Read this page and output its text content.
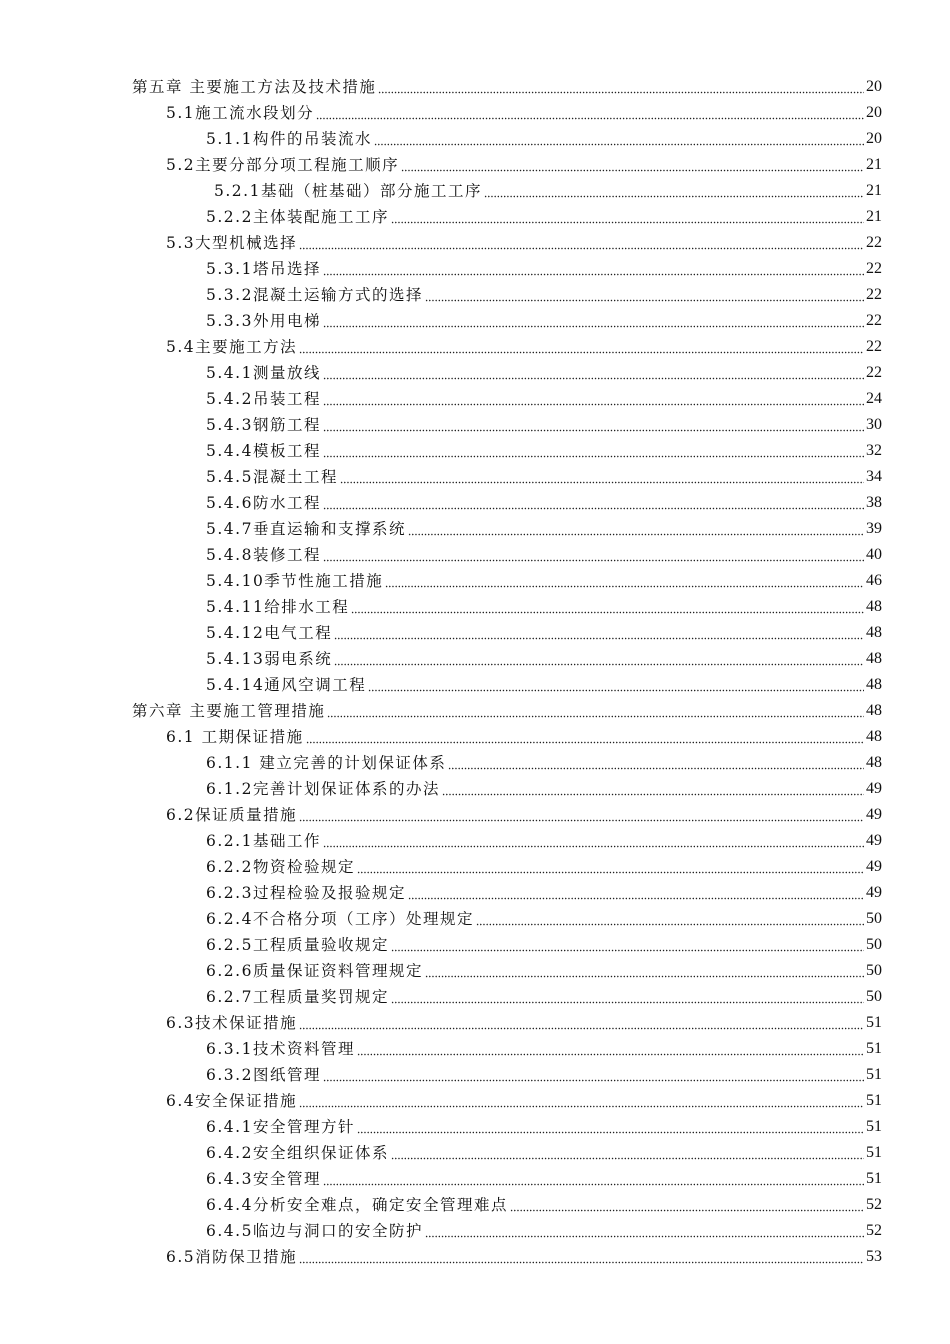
第五章 主要施工方法及技术措施	20
5.1施工流水段划分	20
5.1.1构件的吊装流水	20
5.2主要分部分项工程施工顺序	21
5.2.1基础（桩基础）部分施工工序	21
5.2.2主体装配施工工序	21
5.3大型机械选择	22
5.3.1塔吊选择	22
5.3.2混凝土运输方式的选择	22
5.3.3外用电梯	22
5.4主要施工方法	22
5.4.1测量放线	22
5.4.2吊装工程	24
5.4.3钢筋工程	30
5.4.4模板工程	32
5.4.5混凝土工程	34
5.4.6防水工程	38
5.4.7垂直运输和支撑系统	39
5.4.8装修工程	40
5.4.10季节性施工措施	46
5.4.11给排水工程	48
5.4.12电气工程	48
5.4.13弱电系统	48
5.4.14通风空调工程	48
第六章 主要施工管理措施	48
6.1 工期保证措施	48
6.1.1 建立完善的计划保证体系	48
6.1.2完善计划保证体系的办法	49
6.2保证质量措施	49
6.2.1基础工作	49
6.2.2物资检验规定	49
6.2.3过程检验及报验规定	49
6.2.4不合格分项（工序）处理规定	50
6.2.5工程质量验收规定	50
6.2.6质量保证资料管理规定	50
6.2.7工程质量奖罚规定	50
6.3技术保证措施	51
6.3.1技术资料管理	51
6.3.2图纸管理	51
6.4安全保证措施	51
6.4.1安全管理方针	51
6.4.2安全组织保证体系	51
6.4.3安全管理	51
6.4.4分析安全难点，确定安全管理难点	52
6.4.5临边与洞口的安全防护	52
6.5消防保卫措施	53
